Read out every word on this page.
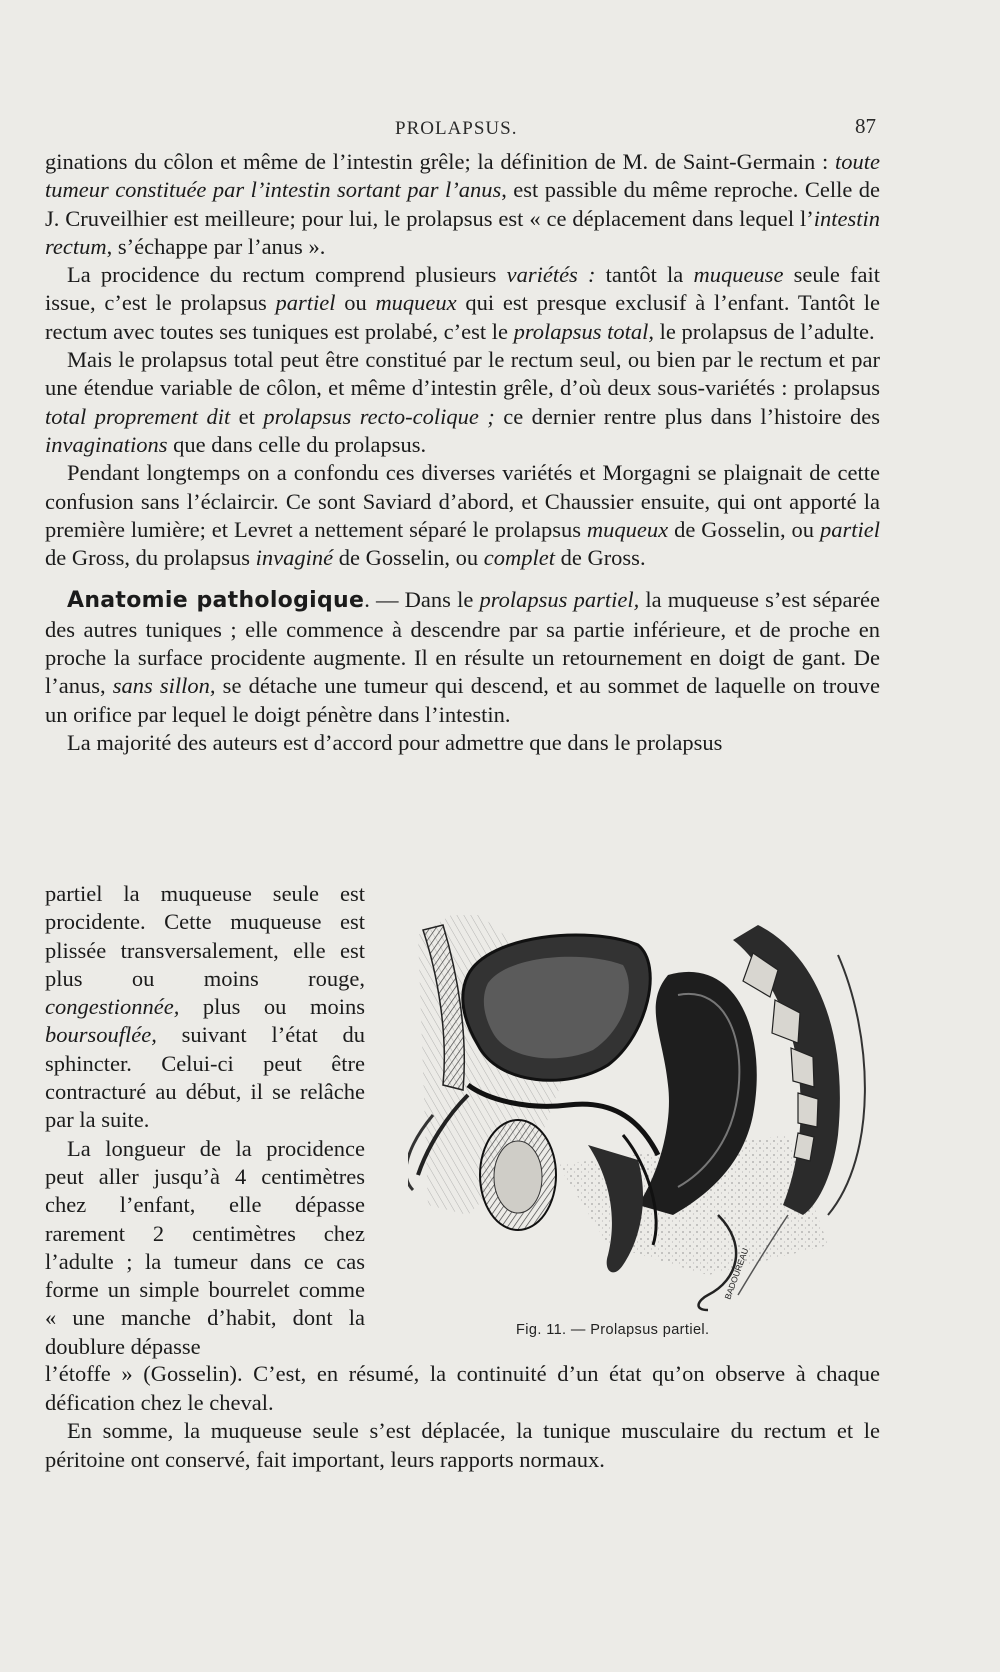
PROLAPSUS.	87

ginations du côlon et même de l’intestin grêle; la définition de M. de Saint-Germain : toute tumeur constituée par l’intestin sortant par l’anus, est passible du même reproche. Celle de J. Cruveilhier est meilleure; pour lui, le prolapsus est « ce déplacement dans lequel l’intestin rectum, s’échappe par l’anus ».

La procidence du rectum comprend plusieurs variétés : tantôt la muqueuse seule fait issue, c’est le prolapsus partiel ou muqueux qui est presque exclusif à l’enfant. Tantôt le rectum avec toutes ses tuniques est prolabé, c’est le prolapsus total, le prolapsus de l’adulte.

Mais le prolapsus total peut être constitué par le rectum seul, ou bien par le rectum et par une étendue variable de côlon, et même d’intestin grêle, d’où deux sous-variétés : prolapsus total proprement dit et prolapsus recto-colique ; ce dernier rentre plus dans l’histoire des invaginations que dans celle du prolapsus.

Pendant longtemps on a confondu ces diverses variétés et Morgagni se plaignait de cette confusion sans l’éclaircir. Ce sont Saviard d’abord, et Chaussier ensuite, qui ont apporté la première lumière; et Levret a nettement séparé le prolapsus muqueux de Gosselin, ou partiel de Gross, du prolapsus invaginé de Gosselin, ou complet de Gross.

Anatomie pathologique. — Dans le prolapsus partiel, la muqueuse s’est séparée des autres tuniques ; elle commence à descendre par sa partie inférieure, et de proche en proche la surface procidente augmente. Il en résulte un retournement en doigt de gant. De l’anus, sans sillon, se détache une tumeur qui descend, et au sommet de laquelle on trouve un orifice par lequel le doigt pénètre dans l’intestin.

La majorité des auteurs est d’accord pour admettre que dans le prolapsus

partiel la muqueuse seule est procidente. Cette muqueuse est plissée transversalement, elle est plus ou moins rouge, congestionnée, plus ou moins boursouflée, suivant l’état du sphincter. Celui-ci peut être contracturé au début, il se relâche par la suite.

La longueur de la procidence peut aller jusqu’à 4 centimètres chez l’enfant, elle dépasse rarement 2 centimètres chez l’adulte ; la tumeur dans ce cas forme un simple bourrelet comme « une manche d’habit, dont la doublure dépasse

BADOUREAU
Fig. 11. — Prolapsus partiel.

l’étoffe » (Gosselin). C’est, en résumé, la continuité d’un état qu’on observe à chaque défication chez le cheval.

En somme, la muqueuse seule s’est déplacée, la tunique musculaire du rectum et le péritoine ont conservé, fait important, leurs rapports normaux.
